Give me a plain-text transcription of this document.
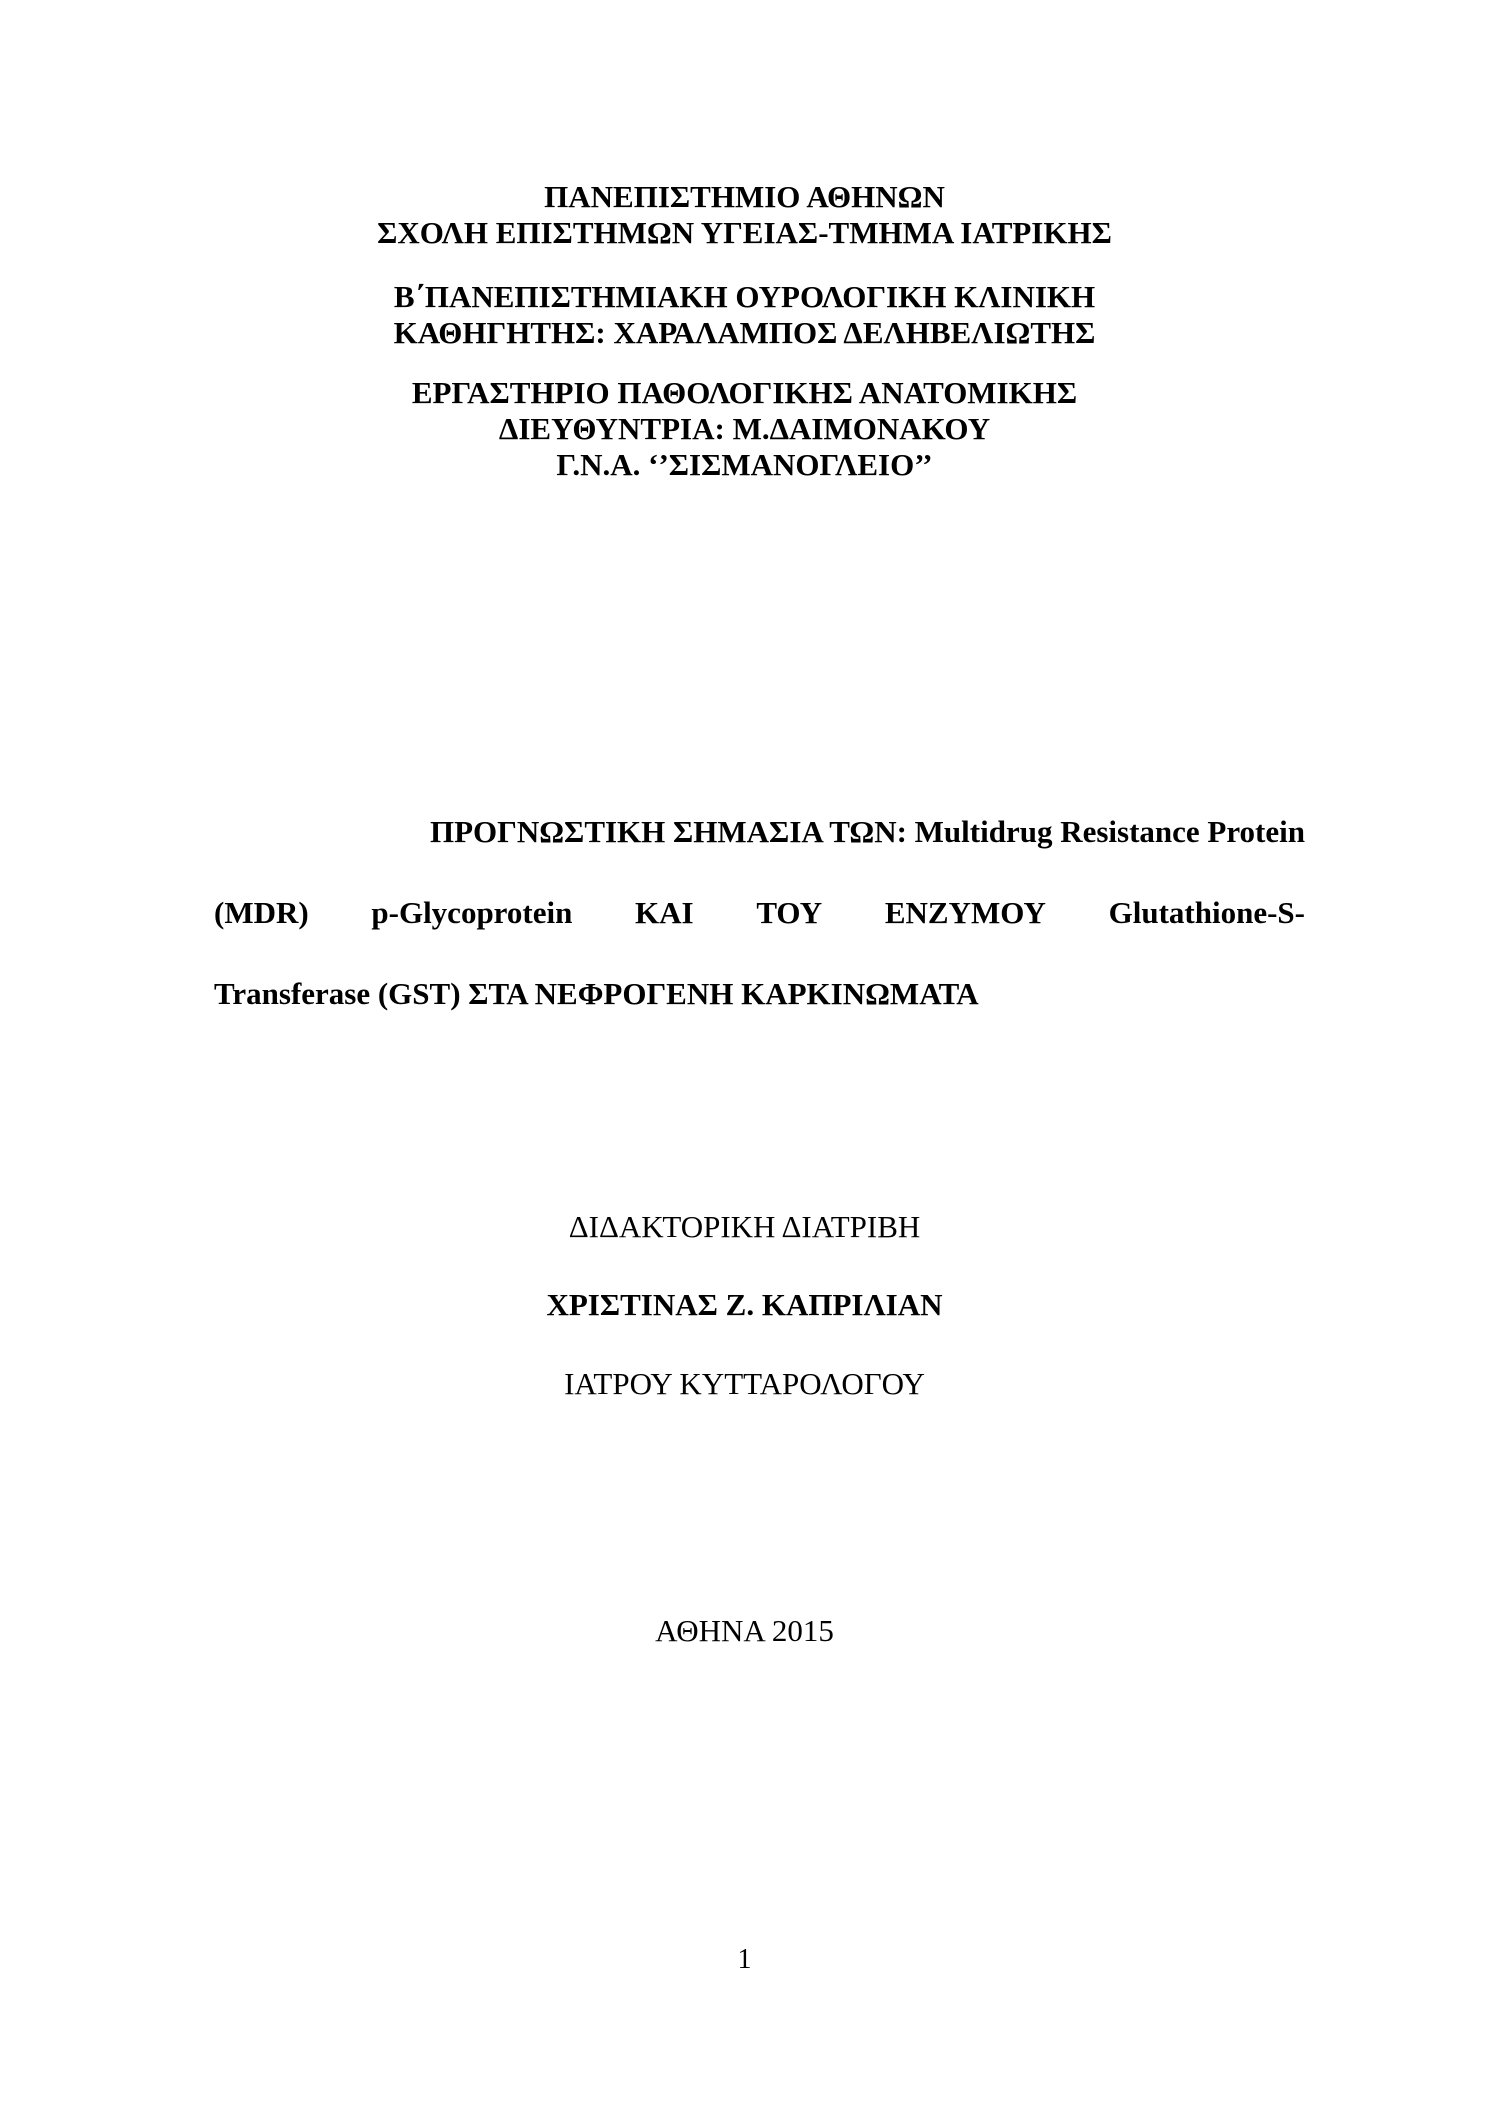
ΠΑΝΕΠΙΣΤΗΜΙΟ ΑΘΗΝΩΝ
ΣΧΟΛΗ ΕΠΙΣΤΗΜΩΝ ΥΓΕΙΑΣ-ΤΜΗΜΑ ΙΑΤΡΙΚΗΣ
Β΄ΠΑΝΕΠΙΣΤΗΜΙΑΚΗ ΟΥΡΟΛΟΓΙΚΗ ΚΛΙΝΙΚΗ
ΚΑΘΗΓΗΤΗΣ: ΧΑΡΑΛΑΜΠΟΣ ΔΕΛΗΒΕΛΙΩΤΗΣ
ΕΡΓΑΣΤΗΡΙΟ ΠΑΘΟΛΟΓΙΚΗΣ ΑΝΑΤΟΜΙΚΗΣ
ΔΙΕΥΘΥΝΤΡΙΑ: Μ.ΔΑΙΜΟΝΑΚΟΥ
Γ.Ν.Α. ‘’ΣΙΣΜΑΝΟΓΛΕΙΟ’’
ΠΡΟΓΝΩΣΤΙΚΗ ΣΗΜΑΣΙΑ ΤΩΝ: Multidrug Resistance Protein
(MDR) p-Glycoprotein ΚΑΙ ΤΟΥ ΕΝΖΥΜΟΥ Glutathione-S-
Transferase (GST) ΣΤΑ ΝΕΦΡΟΓΕΝΗ ΚΑΡΚΙΝΩΜΑΤΑ
ΔΙΔΑΚΤΟΡΙΚΗ ΔΙΑΤΡΙΒΗ
ΧΡΙΣΤΙΝΑΣ Ζ. ΚΑΠΡΙΛΙΑΝ
ΙΑΤΡΟΥ ΚΥΤΤΑΡΟΛΟΓΟΥ
ΑΘΗΝΑ 2015
1
